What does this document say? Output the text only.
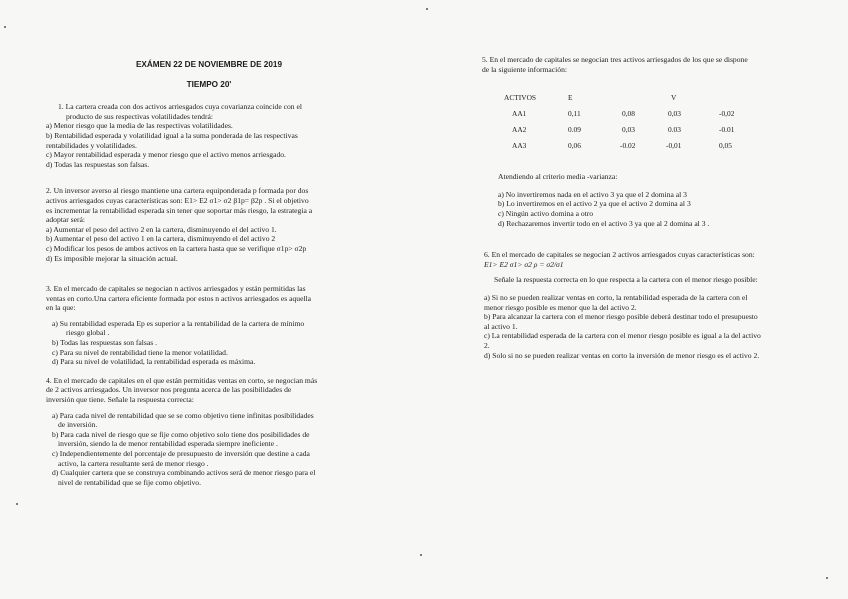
EXÁMEN 22 DE NOVIEMBRE DE 2019
TIEMPO 20'

1. La cartera creada con dos activos arriesgados cuya covarianza coincide con el

producto de sus respectivas volatilidades tendrá:

a) Menor riesgo que la media de las respectivas volatilidades.

b) Rentabilidad esperada y volatilidad igual a la suma ponderada de las respectivas

rentabilidades y volatilidades.

c) Mayor rentabilidad esperada y menor riesgo que el activo menos arriesgado.

d) Todas las respuestas son falsas.

2. Un inversor averso al riesgo mantiene una cartera equiponderada p formada por dos

activos arriesgados cuyas características son: E1> E2 σ1> σ2 β1p= β2p . Si el objetivo

es incrementar la rentabilidad esperada sin tener que soportar más riesgo, la estrategia a

adoptar será:

a) Aumentar el peso del activo 2 en la cartera, disminuyendo el del activo 1.

b) Aumentar el peso del activo 1 en la cartera, disminuyendo el del activo 2

c) Modificar los pesos de ambos activos en la cartera hasta que se verifique σ1p> σ2p

d) Es imposible mejorar la situación actual.

3. En el mercado de capitales se negocian n activos arriesgados y están permitidas las

ventas en corto.Una cartera eficiente formada por estos n activos arriesgados es aquella

en la que:

a) Su rentabilidad esperada Ep es superior a la rentabilidad de la cartera de mínimo

riesgo global .

b) Todas las respuestas son falsas .

c) Para su nivel de rentabilidad tiene la menor volatilidad.

d) Para su nivel de volatilidad, la rentabilidad esperada es máxima.

4. En el mercado de capitales en el que están permitidas ventas en corto, se negocian más

de 2 activos arriesgados. Un inversor nos pregunta acerca de las posibilidades de

inversión que tiene. Señale la respuesta correcta:

a) Para cada nivel de rentabilidad que se se como objetivo tiene infinitas posibilidades

de inversión.

b) Para cada nivel de riesgo que se fije como objetivo solo tiene dos posibilidades de

inversión, siendo la de menor rentabilidad esperada siempre ineficiente .

c) Independientemente del porcentaje de presupuesto de inversión que destine a cada

activo, la cartera resultante será de menor riesgo .

d) Cualquier cartera que se construya combinando activos será de menor riesgo para el

nivel de rentabilidad que se fije como objetivo.

5. En el mercado de capitales se negocian tres activos arriesgados de los que se dispone

de la siguiente información:

ACTIVOS	E	V
AA1	0,11	0,08	0,03	-0,02
AA2	0.09	0,03	0.03	-0.01
AA3	0,06	-0.02	-0,01	0,05

Atendiendo al criterio media -varianza:

a) No invertiremos nada en el activo 3 ya que el 2 domina al 3

b) Lo invertiremos en el activo 2 ya que el activo 2 domina al 3

c) Ningún activo domina a otro

d) Rechazaremos invertir todo en el activo 3 ya que al 2 domina al 3 .

6. En el mercado de capitales se negocian 2 activos arriesgados cuyas características son:

E1> E2 σ1> σ2 ρ = σ2/σ1

Señale la respuesta correcta en lo que respecta a la cartera con el menor riesgo posible:

a) Si no se pueden realizar ventas en corto, la rentabilidad esperada de la cartera con el

menor riesgo posible es menor que la del activo 2.

b) Para alcanzar la cartera con el menor riesgo posible deberá destinar todo el presupuesto

al activo 1.

c) La rentabilidad esperada de la cartera con el menor riesgo posible es igual a la del activo

2.

d) Solo si no se pueden realizar ventas en corto la inversión de menor riesgo es el activo 2.
